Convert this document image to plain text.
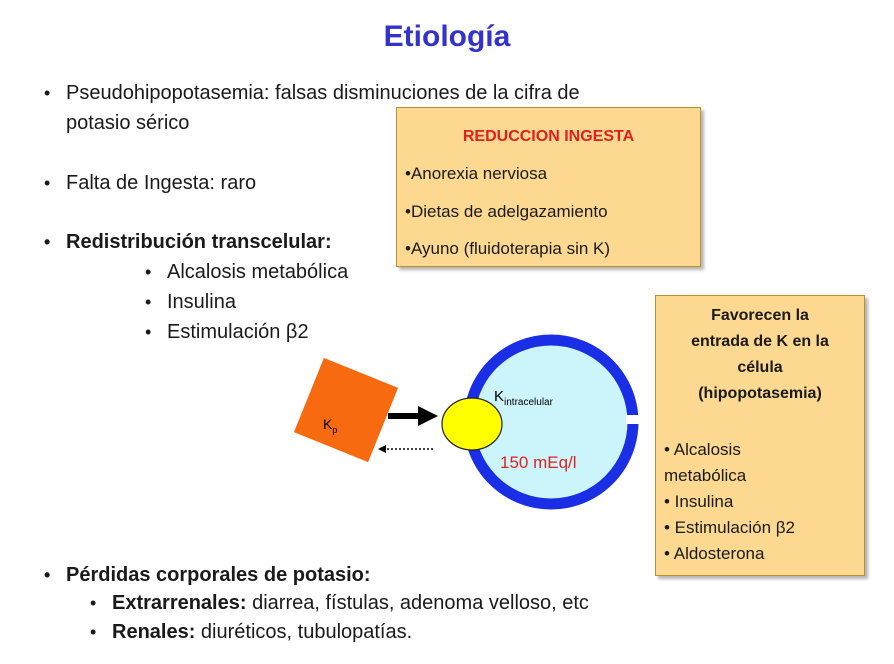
Etiología
• Pseudohipopotasemia: falsas disminuciones de la cifra de
potasio sérico
• Falta de Ingesta: raro
• Redistribución transcelular:
• Alcalosis metabólica
• Insulina
• Estimulación β2
REDUCCION INGESTA
•Anorexia nerviosa
•Dietas de adelgazamiento
•Ayuno (fluidoterapia sin K)
$K_p$
$K_{intracelular}$
150 mEq/l
Favorecen la
entrada de K en la
célula
(hipopotasemia)
• Alcalosis
metabólica
• Insulina
• Estimulación β2
• Aldosterona
• Pérdidas corporales de potasio:
• Extrarrenales: diarrea, fístulas, adenoma velloso, etc
• Renales: diuréticos, tubulopatías.
